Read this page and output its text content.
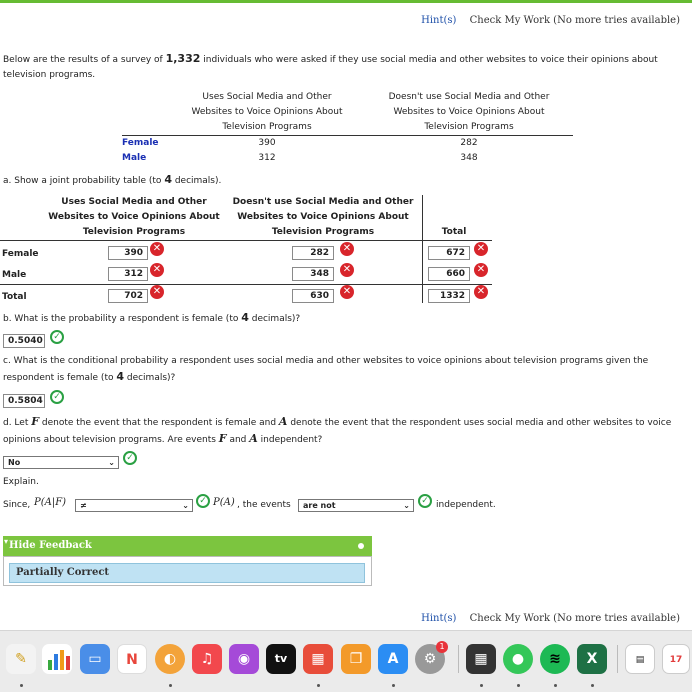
Hint(s) Check My Work (No more tries available)
Below are the results of a survey of 1,332 individuals who were asked if they use social media and other websites to voice their opinions about television programs.
Uses Social Media and Other
Websites to Voice Opinions About
Television Programs
Doesn't use Social Media and Other
Websites to Voice Opinions About
Television Programs
Female	390	282
Male	312	348
a. Show a joint probability table (to 4 decimals).
Uses Social Media and Other
Websites to Voice Opinions About
Television Programs
Doesn't use Social Media and Other
Websites to Voice Opinions About
Television Programs	Total
Female	390 ✕	282	✕	672	✕
Male	312 ✕	348	✕	660	✕
Total	702 ✕	630	✕	1332	✕
b. What is the probability a respondent is female (to 4 decimals)?
0.5040	✓
c. What is the conditional probability a respondent uses social media and other websites to voice opinions about television programs given the respondent is female (to 4 decimals)?
0.5804	✓
d. Let F denote the event that the respondent is female and A denote the event that the respondent uses social media and other websites to voice opinions about television programs. Are events F and A independent?
No	⌄	✓
Explain.
Since, P(A|F)	≠	⌄	✓ P(A) , the events	are not	⌄	✓ independent.
▾ Hide Feedback
Partially Correct
Hint(s) Check My Work (No more tries available)
✎	▭	N	◐	♫	◉	tv	▦	❐	A	⚙
1
▦	●	≋	X	▤	17
